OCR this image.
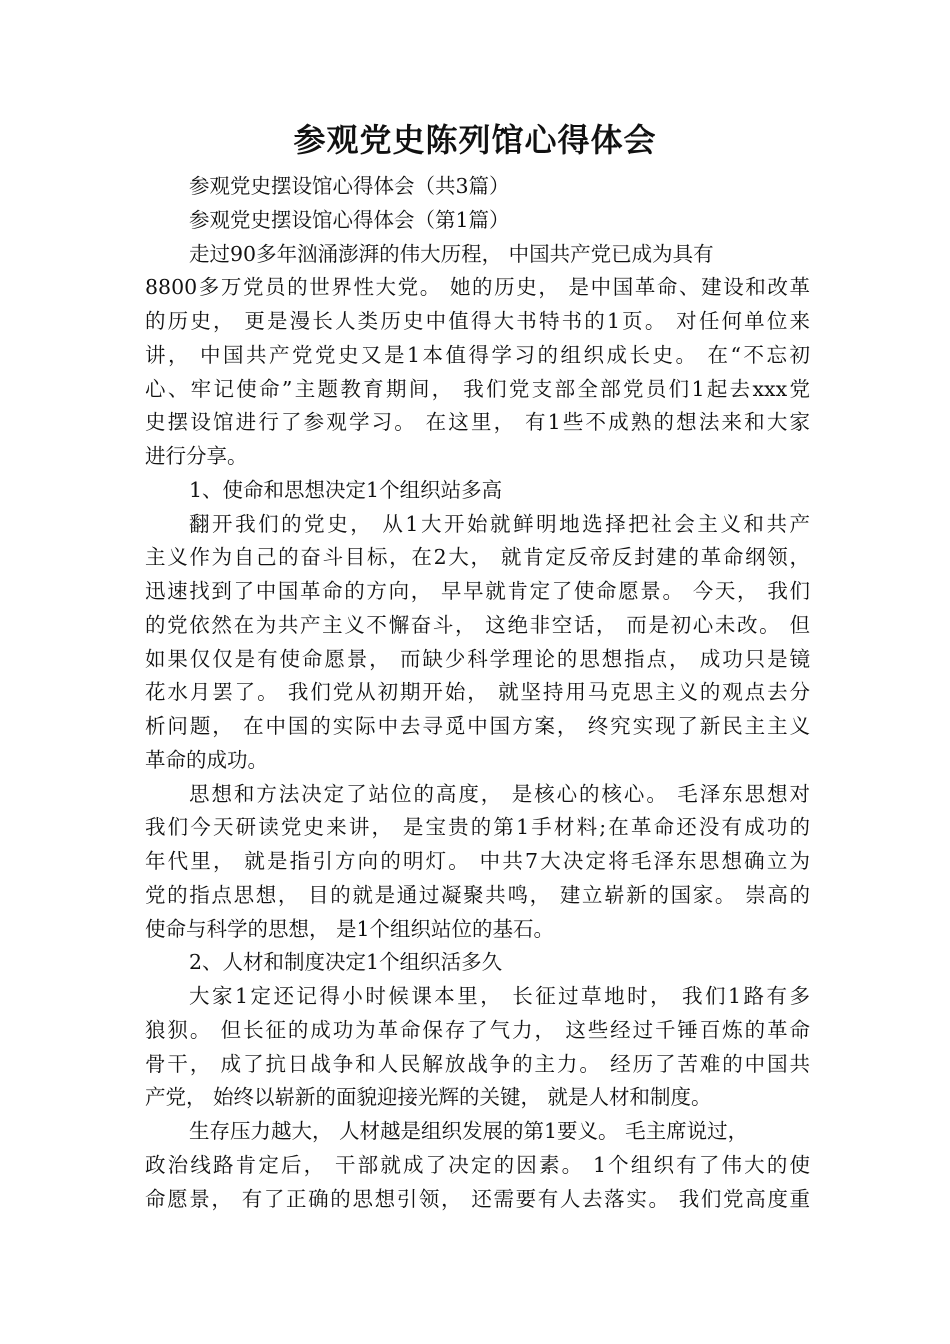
参观党史陈列馆心得体会
参观党史摆设馆心得体会（共3篇）
参观党史摆设馆心得体会（第1篇）
走过90多年汹涌澎湃的伟大历程， 中国共产党已成为具有
8800多万党员的世界性大党。 她的历史， 是中国革命、建设和改革
的历史， 更是漫长人类历史中值得大书特书的1页。 对任何单位来
讲， 中国共产党党史又是1本值得学习的组织成长史。 在“不忘初
心、牢记使命”主题教育期间， 我们党支部全部党员们1起去xxx党
史摆设馆进行了参观学习。 在这里， 有1些不成熟的想法来和大家
进行分享。
1、使命和思想决定1个组织站多高
翻开我们的党史， 从1大开始就鲜明地选择把社会主义和共产
主义作为自己的奋斗目标，在2大， 就肯定反帝反封建的革命纲领，
迅速找到了中国革命的方向， 早早就肯定了使命愿景。 今天， 我们
的党依然在为共产主义不懈奋斗， 这绝非空话， 而是初心未改。 但
如果仅仅是有使命愿景， 而缺少科学理论的思想指点， 成功只是镜
花水月罢了。 我们党从初期开始， 就坚持用马克思主义的观点去分
析问题， 在中国的实际中去寻觅中国方案， 终究实现了新民主主义
革命的成功。
思想和方法决定了站位的高度， 是核心的核心。 毛泽东思想对
我们今天研读党史来讲， 是宝贵的第1手材料;在革命还没有成功的
年代里， 就是指引方向的明灯。 中共7大决定将毛泽东思想确立为
党的指点思想， 目的就是通过凝聚共鸣， 建立崭新的国家。 崇高的
使命与科学的思想， 是1个组织站位的基石。
2、人材和制度决定1个组织活多久
大家1定还记得小时候课本里， 长征过草地时， 我们1路有多
狼狈。 但长征的成功为革命保存了气力， 这些经过千锤百炼的革命
骨干， 成了抗日战争和人民解放战争的主力。 经历了苦难的中国共
产党， 始终以崭新的面貌迎接光辉的关键， 就是人材和制度。
生存压力越大， 人材越是组织发展的第1要义。 毛主席说过，
政治线路肯定后， 干部就成了决定的因素。 1个组织有了伟大的使
命愿景， 有了正确的思想引领， 还需要有人去落实。 我们党高度重
